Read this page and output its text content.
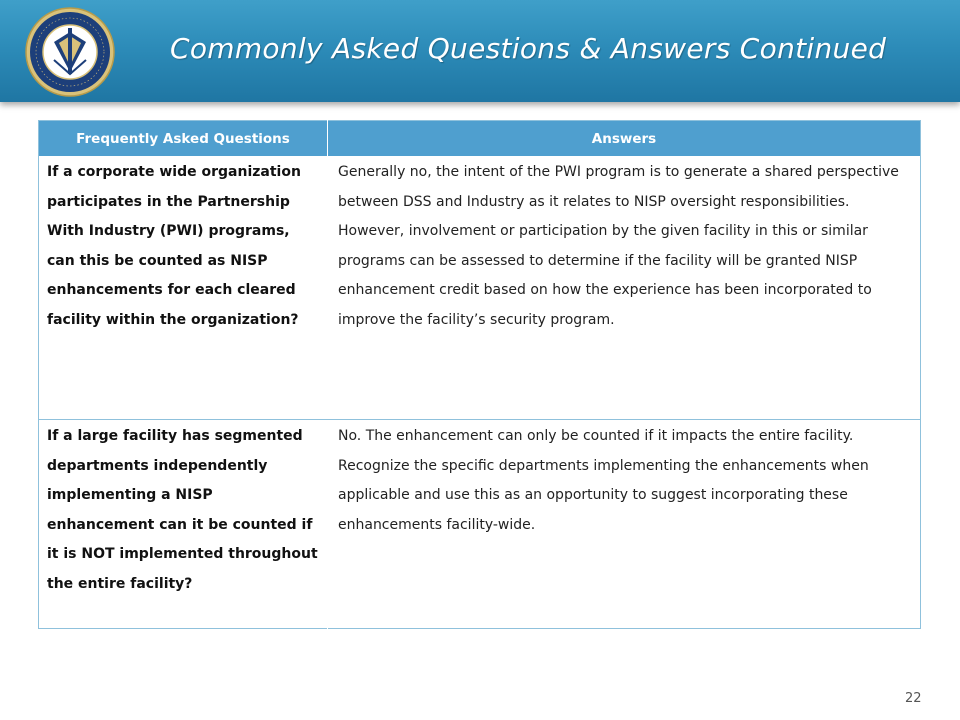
Commonly Asked Questions & Answers Continued
Frequently Asked Questions	Answers
If a corporate wide organization participates in the Partnership With Industry (PWI) programs, can this be counted as NISP enhancements for each cleared facility within the organization?	Generally no, the intent of the PWI program is to generate a shared perspective between DSS and Industry as it relates to NISP oversight responsibilities. However, involvement or participation by the given facility in this or similar programs can be assessed to determine if the facility will be granted NISP enhancement credit based on how the experience has been incorporated to improve the facility’s security program.
If a large facility has segmented departments independently implementing a NISP enhancement can it be counted if it is NOT implemented throughout the entire facility?	No. The enhancement can only be counted if it impacts the entire facility. Recognize the specific departments implementing the enhancements when applicable and use this as an opportunity to suggest incorporating these enhancements facility-wide.
22
